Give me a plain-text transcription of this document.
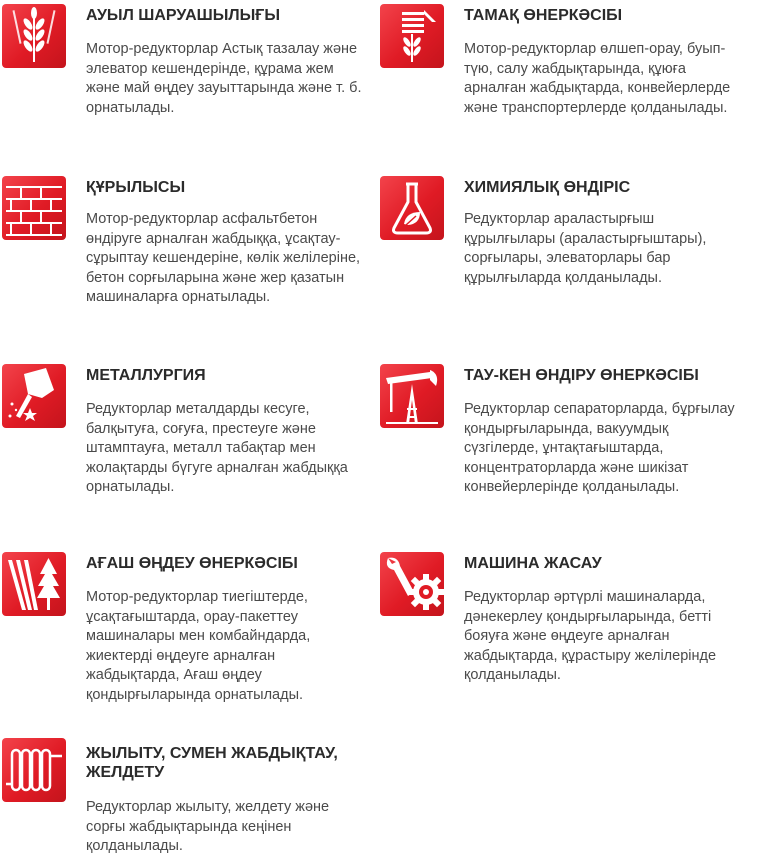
АУЫЛ ШАРУАШЫЛЫҒЫ

Мотор-редукторлар Астық тазалау және элеватор кешендерінде, құрама жем және май өңдеу зауыттарында және т. б. орнатылады.

ТАМАҚ ӨНЕРКӘСІБІ

Мотор-редукторлар өлшеп-орау, буып-түю, салу жабдықтарында, құюға арналған жабдықтарда, конвейерлерде және транспортерлерде қолданылады.

ҚҰРЫЛЫСЫ

Мотор-редукторлар асфальтбетон өндіруге арналған жабдыққа, ұсақтау-сұрыптау кешендеріне, көлік желілеріне, бетон сорғыларына және жер қазатын машиналарға орнатылады.

ХИМИЯЛЫҚ ӨНДІРІС

Редукторлар араластырғыш құрылғылары (араластырғыштары), сорғылары, элеваторлары бар құрылғыларда қолданылады.

МЕТАЛЛУРГИЯ

Редукторлар металдарды кесуге, балқытуға, соғуға, престеуге және штамптауға, металл табақтар мен жолақтарды бүгуге арналған жабдыққа орнатылады.

ТАУ-КЕН ӨНДІРУ ӨНЕРКӘСІБІ

Редукторлар сепараторларда, бұрғылау қондырғыларында, вакуумдық сүзгілерде, ұнтақтағыштарда, концентраторларда және шикізат конвейерлерінде қолданылады.

АҒАШ ӨҢДЕУ ӨНЕРКӘСІБІ

Мотор-редукторлар тиегіштерде, ұсақтағыштарда, орау-пакеттеу машиналары мен комбайндарда, жиектерді өңдеуге арналған жабдықтарда, Ағаш өңдеу қондырғыларында орнатылады.

МАШИНА ЖАСАУ

Редукторлар әртүрлі машиналарда, дәнекерлеу қондырғыларында, бетті бояуға және өңдеуге арналған жабдықтарда, құрастыру желілерінде қолданылады.

ЖЫЛЫТУ, СУМЕН ЖАБДЫҚТАУ, ЖЕЛДЕТУ

Редукторлар жылыту, желдету және сорғы жабдықтарында кеңінен қолданылады.
